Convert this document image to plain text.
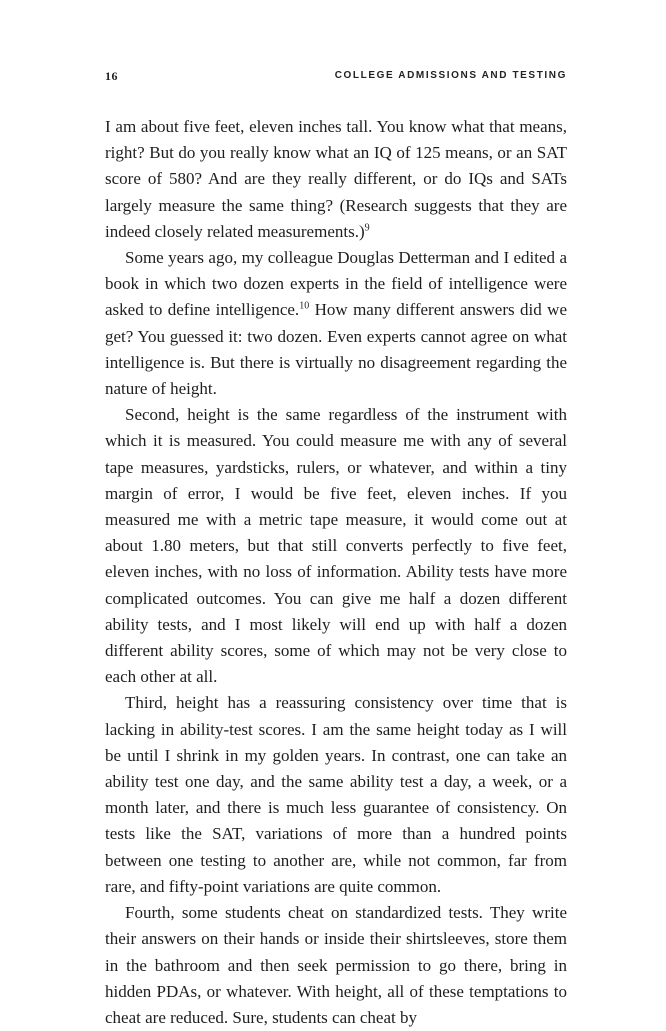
16	COLLEGE ADMISSIONS AND TESTING

I am about five feet, eleven inches tall. You know what that means, right? But do you really know what an IQ of 125 means, or an SAT score of 580? And are they really different, or do IQs and SATs largely measure the same thing? (Research suggests that they are indeed closely related measurements.)$^9$

Some years ago, my colleague Douglas Detterman and I edited a book in which two dozen experts in the field of intelligence were asked to define intelligence.$^{10}$ How many different answers did we get? You guessed it: two dozen. Even experts cannot agree on what intelligence is. But there is virtually no disagreement regarding the nature of height.

Second, height is the same regardless of the instrument with which it is measured. You could measure me with any of several tape measures, yardsticks, rulers, or whatever, and within a tiny margin of error, I would be five feet, eleven inches. If you measured me with a metric tape measure, it would come out at about 1.80 meters, but that still converts perfectly to five feet, eleven inches, with no loss of information. Ability tests have more complicated outcomes. You can give me half a dozen different ability tests, and I most likely will end up with half a dozen different ability scores, some of which may not be very close to each other at all.

Third, height has a reassuring consistency over time that is lacking in ability-test scores. I am the same height today as I will be until I shrink in my golden years. In contrast, one can take an ability test one day, and the same ability test a day, a week, or a month later, and there is much less guarantee of consistency. On tests like the SAT, variations of more than a hundred points between one testing to another are, while not common, far from rare, and fifty-point variations are quite common.

Fourth, some students cheat on standardized tests. They write their answers on their hands or inside their shirtsleeves, store them in the bathroom and then seek permission to go there, bring in hidden PDAs, or whatever. With height, all of these temptations to cheat are reduced. Sure, students can cheat by
